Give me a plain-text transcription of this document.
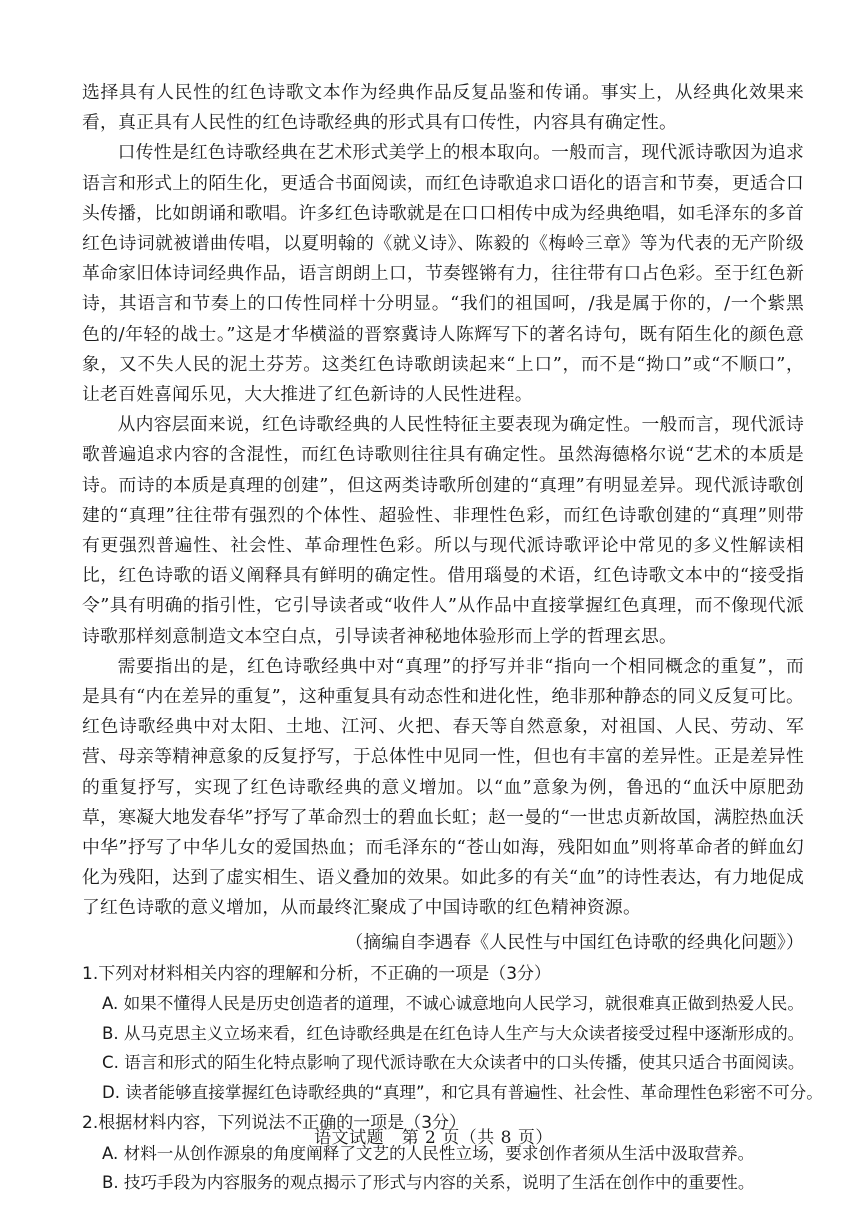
选择具有人民性的红色诗歌文本作为经典作品反复品鉴和传诵。事实上，从经典化效果来看，真正具有人民性的红色诗歌经典的形式具有口传性，内容具有确定性。

口传性是红色诗歌经典在艺术形式美学上的根本取向。一般而言，现代派诗歌因为追求语言和形式上的陌生化，更适合书面阅读，而红色诗歌追求口语化的语言和节奏，更适合口头传播，比如朗诵和歌唱。许多红色诗歌就是在口口相传中成为经典绝唱，如毛泽东的多首红色诗词就被谱曲传唱，以夏明翰的《就义诗》、陈毅的《梅岭三章》等为代表的无产阶级革命家旧体诗词经典作品，语言朗朗上口，节奏铿锵有力，往往带有口占色彩。至于红色新诗，其语言和节奏上的口传性同样十分明显。“我们的祖国呵，/我是属于你的，/一个紫黑色的/年轻的战士。”这是才华横溢的晋察冀诗人陈辉写下的著名诗句，既有陌生化的颜色意象，又不失人民的泥土芬芳。这类红色诗歌朗读起来“上口”，而不是“拗口”或“不顺口”，让老百姓喜闻乐见，大大推进了红色新诗的人民性进程。

从内容层面来说，红色诗歌经典的人民性特征主要表现为确定性。一般而言，现代派诗歌普遍追求内容的含混性，而红色诗歌则往往具有确定性。虽然海德格尔说“艺术的本质是诗。而诗的本质是真理的创建”，但这两类诗歌所创建的“真理”有明显差异。现代派诗歌创建的“真理”往往带有强烈的个体性、超验性、非理性色彩，而红色诗歌创建的“真理”则带有更强烈普遍性、社会性、革命理性色彩。所以与现代派诗歌评论中常见的多义性解读相比，红色诗歌的语义阐释具有鲜明的确定性。借用瑙曼的术语，红色诗歌文本中的“接受指令”具有明确的指引性，它引导读者或“收件人”从作品中直接掌握红色真理，而不像现代派诗歌那样刻意制造文本空白点，引导读者神秘地体验形而上学的哲理玄思。

需要指出的是，红色诗歌经典中对“真理”的抒写并非“指向一个相同概念的重复”，而是具有“内在差异的重复”，这种重复具有动态性和进化性，绝非那种静态的同义反复可比。红色诗歌经典中对太阳、土地、江河、火把、春天等自然意象，对祖国、人民、劳动、军营、母亲等精神意象的反复抒写，于总体性中见同一性，但也有丰富的差异性。正是差异性的重复抒写，实现了红色诗歌经典的意义增加。以“血”意象为例，鲁迅的“血沃中原肥劲草，寒凝大地发春华”抒写了革命烈士的碧血长虹；赵一曼的“一世忠贞新故国，满腔热血沃中华”抒写了中华儿女的爱国热血；而毛泽东的“苍山如海，残阳如血”则将革命者的鲜血幻化为残阳，达到了虚实相生、语义叠加的效果。如此多的有关“血”的诗性表达，有力地促成了红色诗歌的意义增加，从而最终汇聚成了中国诗歌的红色精神资源。

（摘编自李遇春《人民性与中国红色诗歌的经典化问题》）

1.下列对材料相关内容的理解和分析，不正确的一项是（3分）

A. 如果不懂得人民是历史创造者的道理，不诚心诚意地向人民学习，就很难真正做到热爱人民。

B. 从马克思主义立场来看，红色诗歌经典是在红色诗人生产与大众读者接受过程中逐渐形成的。

C. 语言和形式的陌生化特点影响了现代派诗歌在大众读者中的口头传播，使其只适合书面阅读。

D. 读者能够直接掌握红色诗歌经典的“真理”，和它具有普遍性、社会性、革命理性色彩密不可分。

2.根据材料内容，下列说法不正确的一项是（3分）

A. 材料一从创作源泉的角度阐释了文艺的人民性立场，要求创作者须从生活中汲取营养。

B. 技巧手段为内容服务的观点揭示了形式与内容的关系，说明了生活在创作中的重要性。

语文试题　第 2 页（共 8 页）
